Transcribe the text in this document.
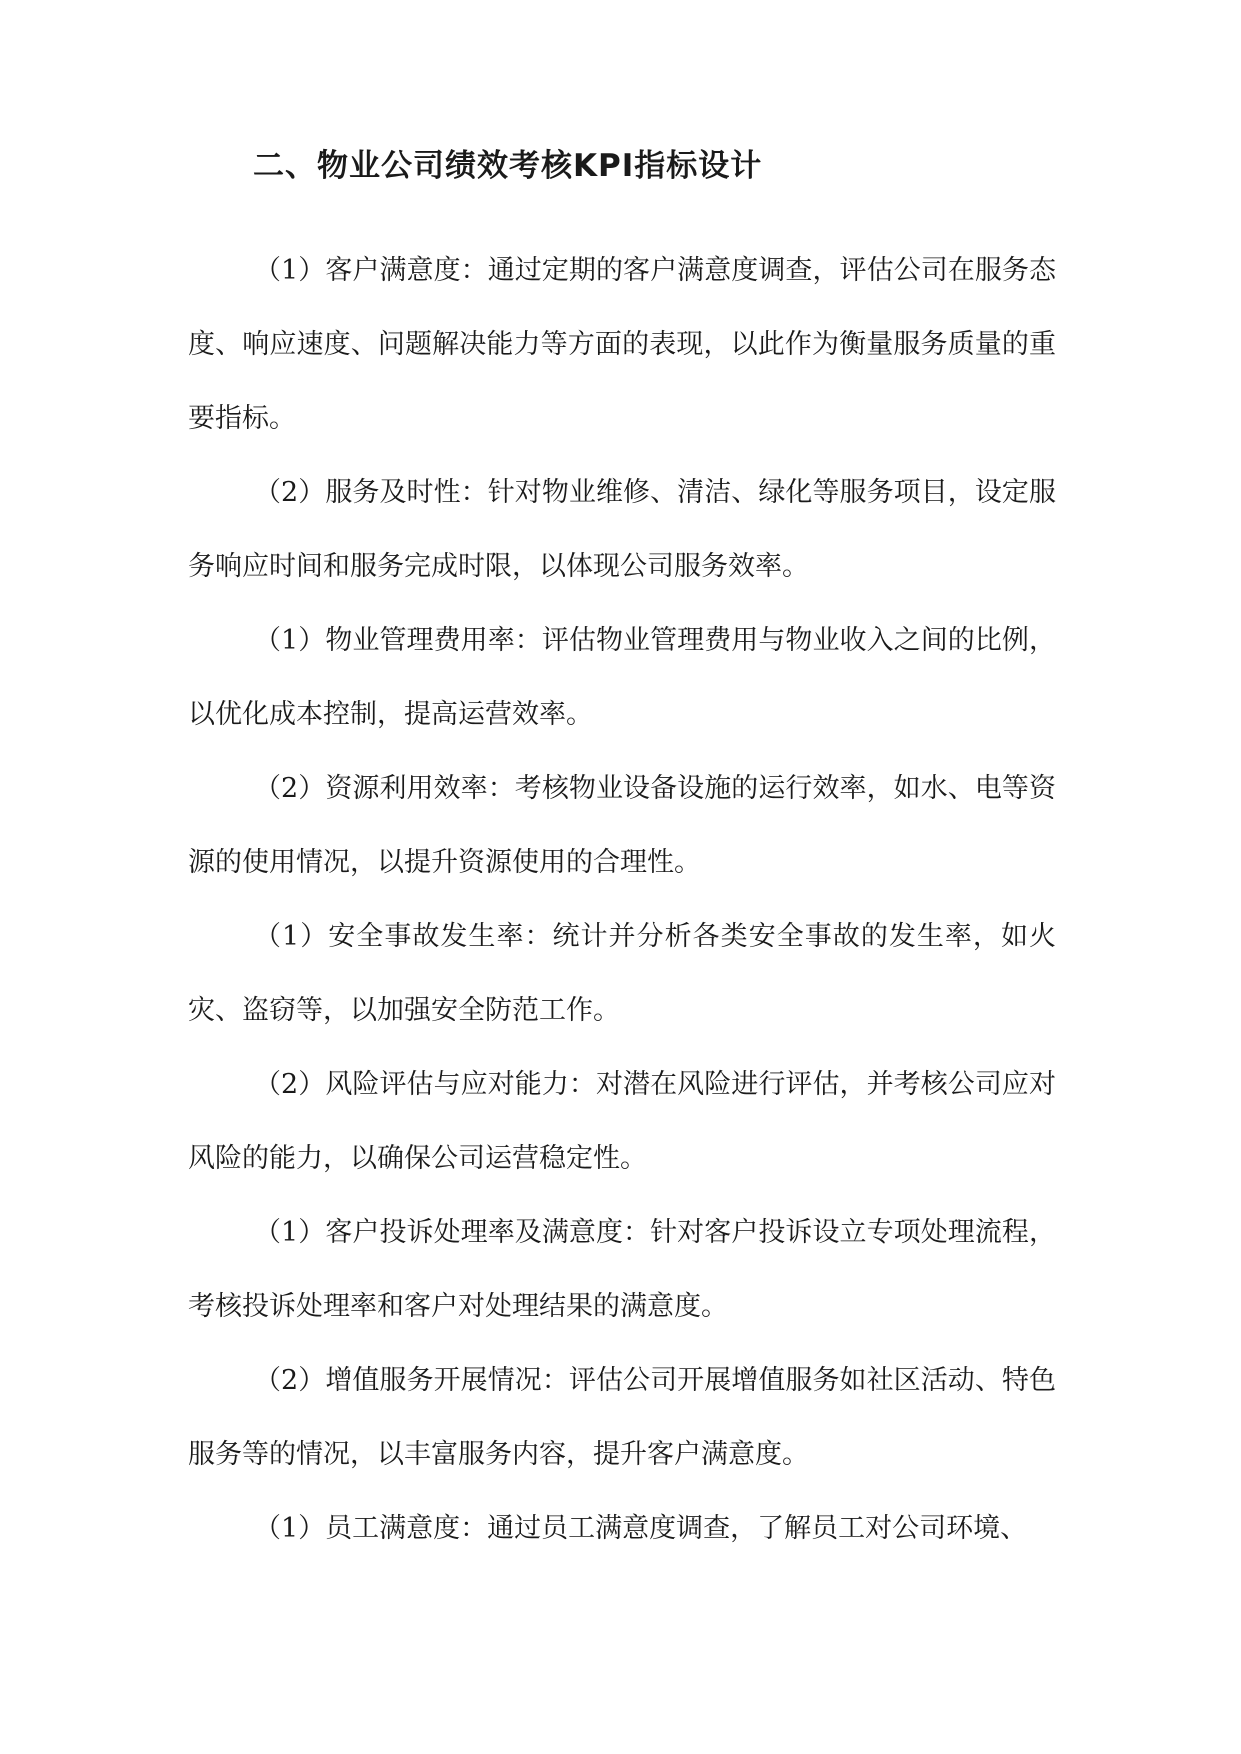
二、物业公司绩效考核KPI指标设计

（1）客户满意度：通过定期的客户满意度调查，评估公司在服务态度、响应速度、问题解决能力等方面的表现，以此作为衡量服务质量的重要指标。

（2）服务及时性：针对物业维修、清洁、绿化等服务项目，设定服务响应时间和服务完成时限，以体现公司服务效率。

（1）物业管理费用率：评估物业管理费用与物业收入之间的比例，以优化成本控制，提高运营效率。

（2）资源利用效率：考核物业设备设施的运行效率，如水、电等资源的使用情况，以提升资源使用的合理性。

（1）安全事故发生率：统计并分析各类安全事故的发生率，如火灾、盗窃等，以加强安全防范工作。

（2）风险评估与应对能力：对潜在风险进行评估，并考核公司应对风险的能力，以确保公司运营稳定性。

（1）客户投诉处理率及满意度：针对客户投诉设立专项处理流程，考核投诉处理率和客户对处理结果的满意度。

（2）增值服务开展情况：评估公司开展增值服务如社区活动、特色服务等的情况，以丰富服务内容，提升客户满意度。

（1）员工满意度：通过员工满意度调查，了解员工对公司环境、
